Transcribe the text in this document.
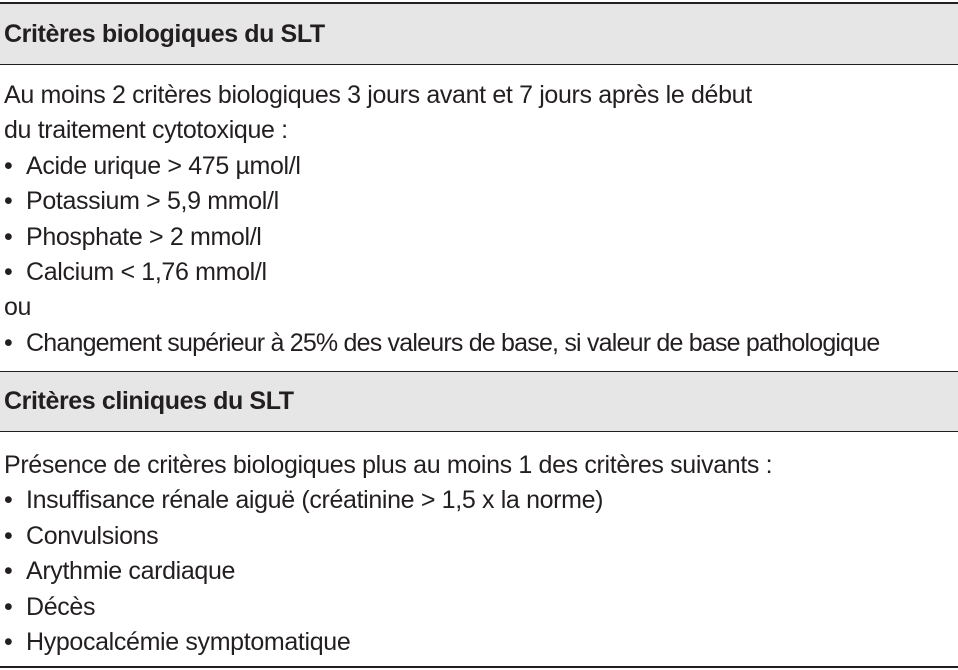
Critères biologiques du SLT
Au moins 2 critères biologiques 3 jours avant et 7 jours après le début
du traitement cytotoxique :
• Acide urique > 475 µmol/l
• Potassium > 5,9 mmol/l
• Phosphate > 2 mmol/l
• Calcium < 1,76 mmol/l
ou
• Changement supérieur à 25% des valeurs de base, si valeur de base pathologique
Critères cliniques du SLT
Présence de critères biologiques plus au moins 1 des critères suivants :
• Insuffisance rénale aiguë (créatinine > 1,5 x la norme)
• Convulsions
• Arythmie cardiaque
• Décès
• Hypocalcémie symptomatique
